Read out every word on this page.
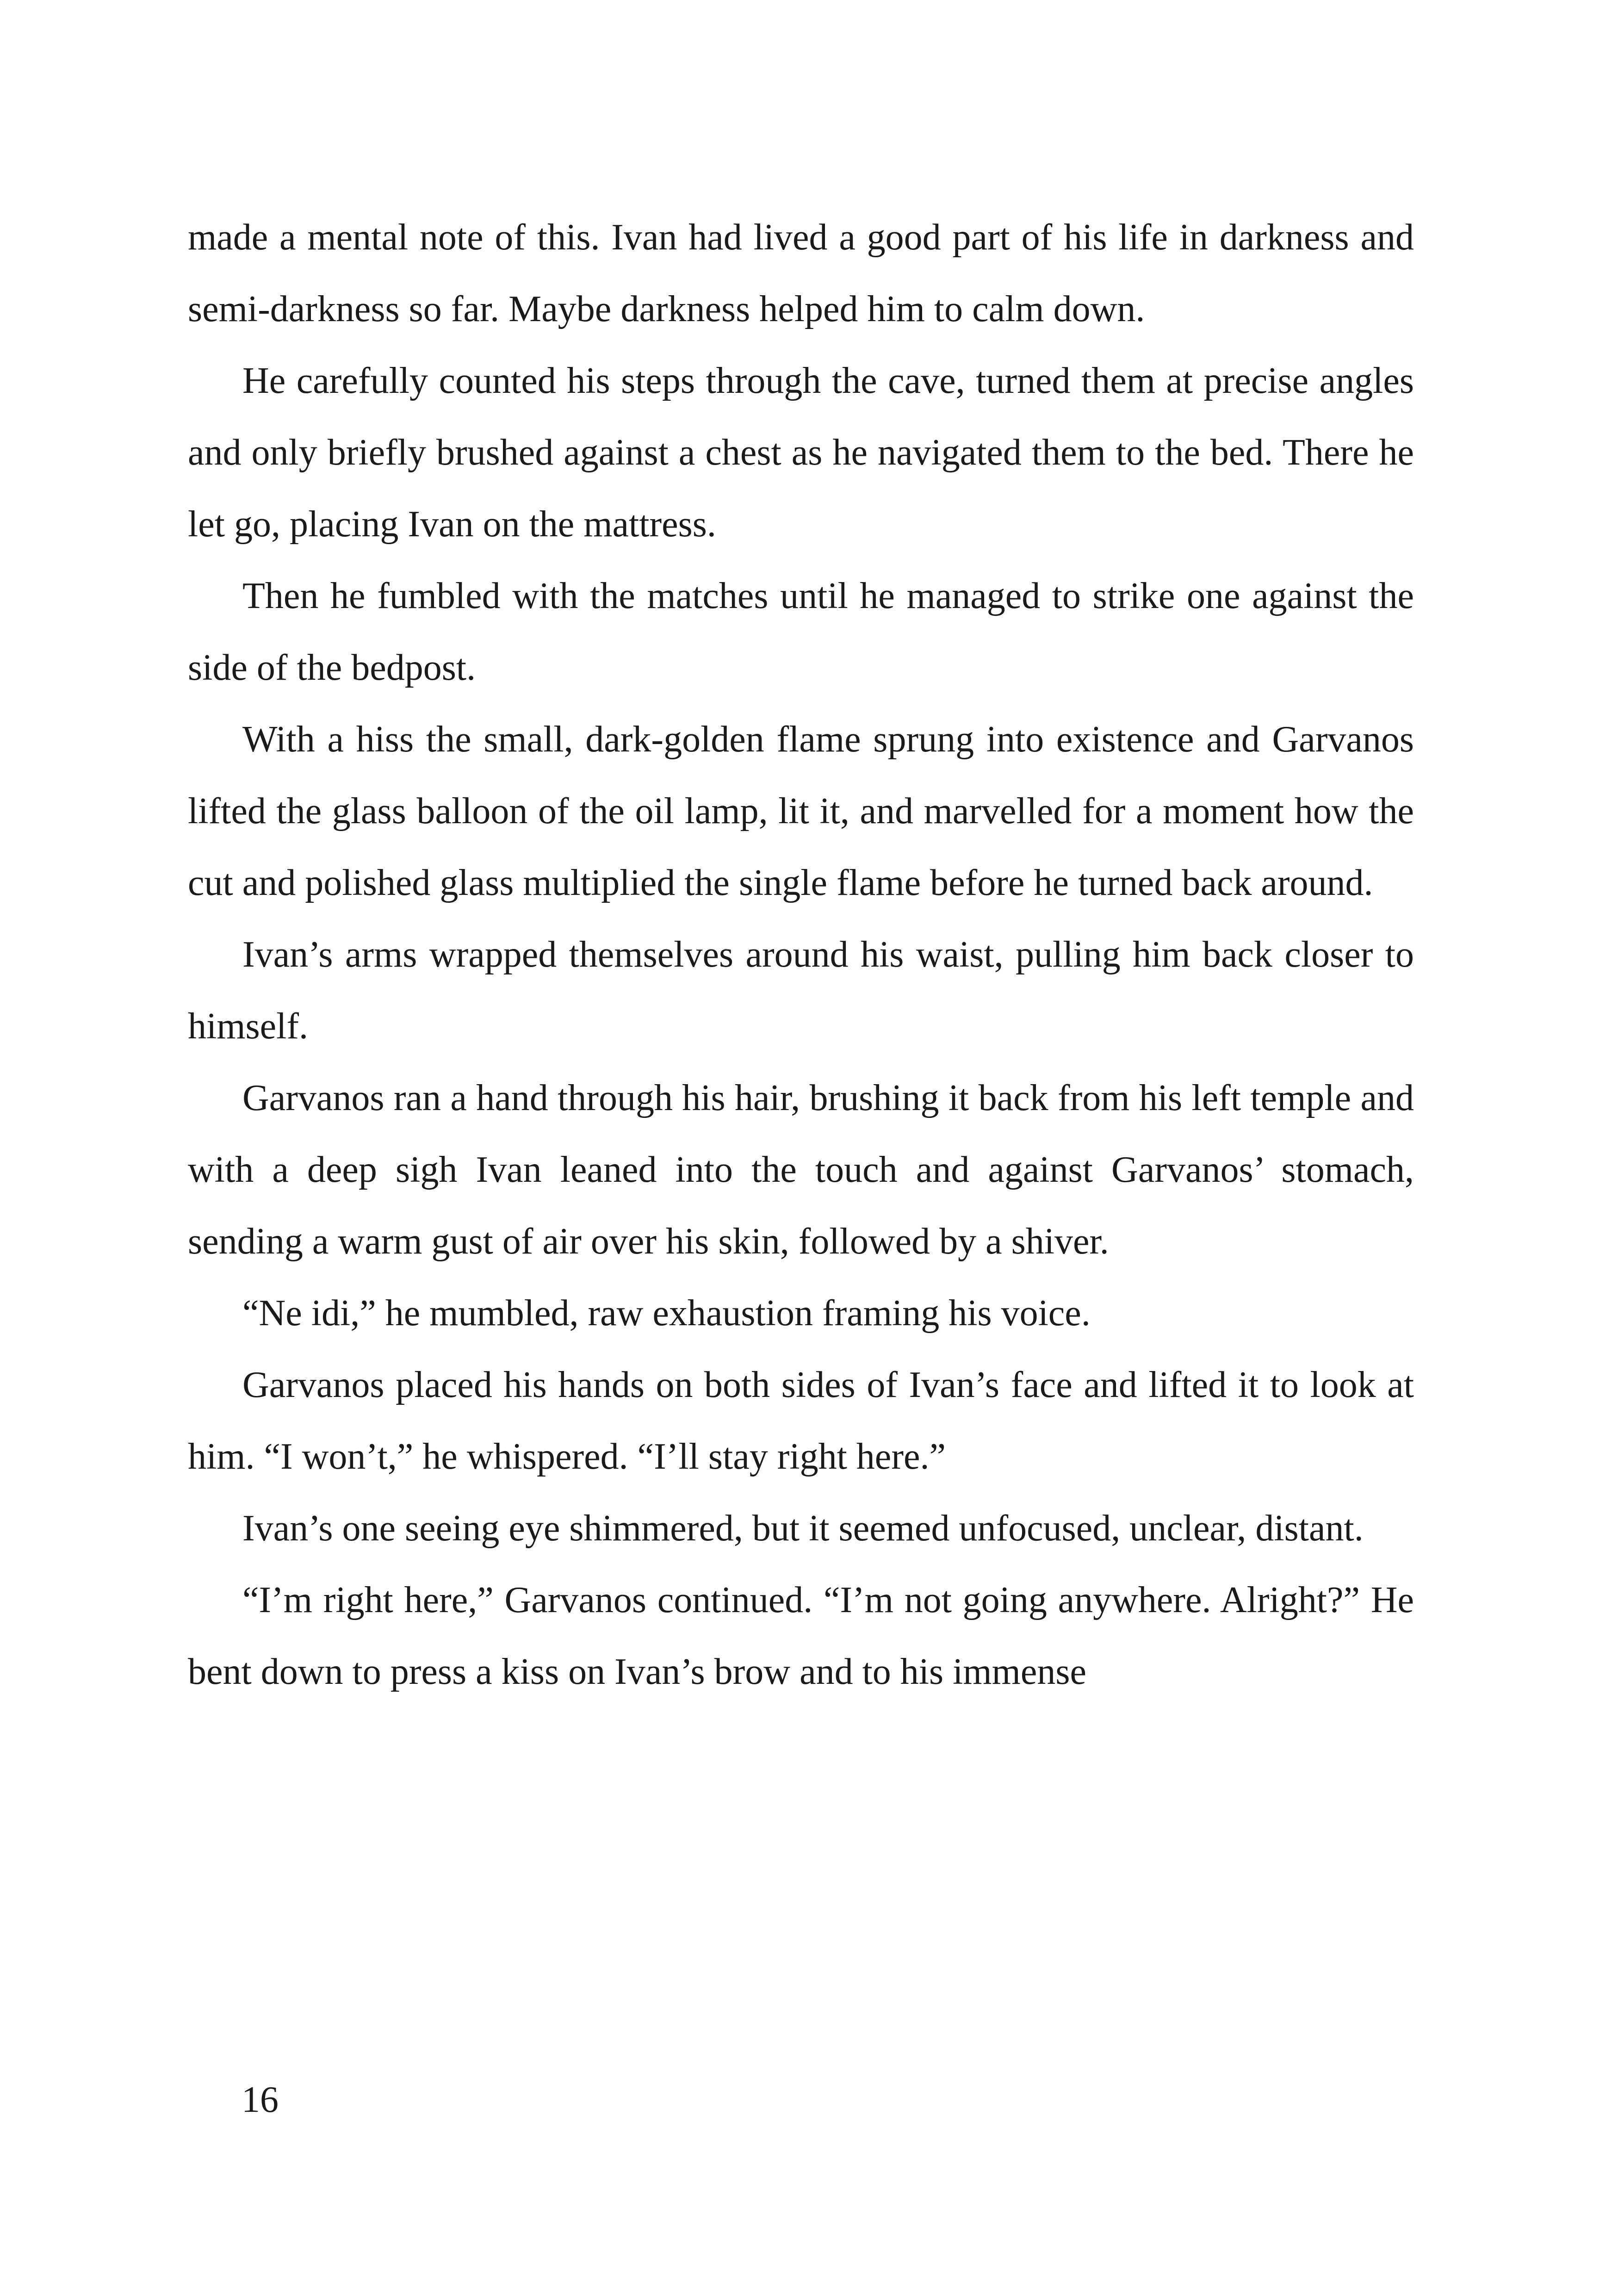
made a mental note of this. Ivan had lived a good part of his life in darkness and semi-darkness so far. Maybe darkness helped him to calm down.

He carefully counted his steps through the cave, turned them at precise angles and only briefly brushed against a chest as he navigated them to the bed. There he let go, placing Ivan on the mattress.

Then he fumbled with the matches until he managed to strike one against the side of the bedpost.

With a hiss the small, dark-golden flame sprung into existence and Garvanos lifted the glass balloon of the oil lamp, lit it, and marvelled for a moment how the cut and polished glass multiplied the single flame before he turned back around.

Ivan’s arms wrapped themselves around his waist, pulling him back closer to himself.

Garvanos ran a hand through his hair, brushing it back from his left temple and with a deep sigh Ivan leaned into the touch and against Garvanos’ stomach, sending a warm gust of air over his skin, followed by a shiver.

“Ne idi,” he mumbled, raw exhaustion framing his voice.

Garvanos placed his hands on both sides of Ivan’s face and lifted it to look at him. “I won’t,” he whispered. “I’ll stay right here.”

Ivan’s one seeing eye shimmered, but it seemed unfocused, unclear, distant.

“I’m right here,” Garvanos continued. “I’m not going anywhere. Alright?” He bent down to press a kiss on Ivan’s brow and to his immense

16
